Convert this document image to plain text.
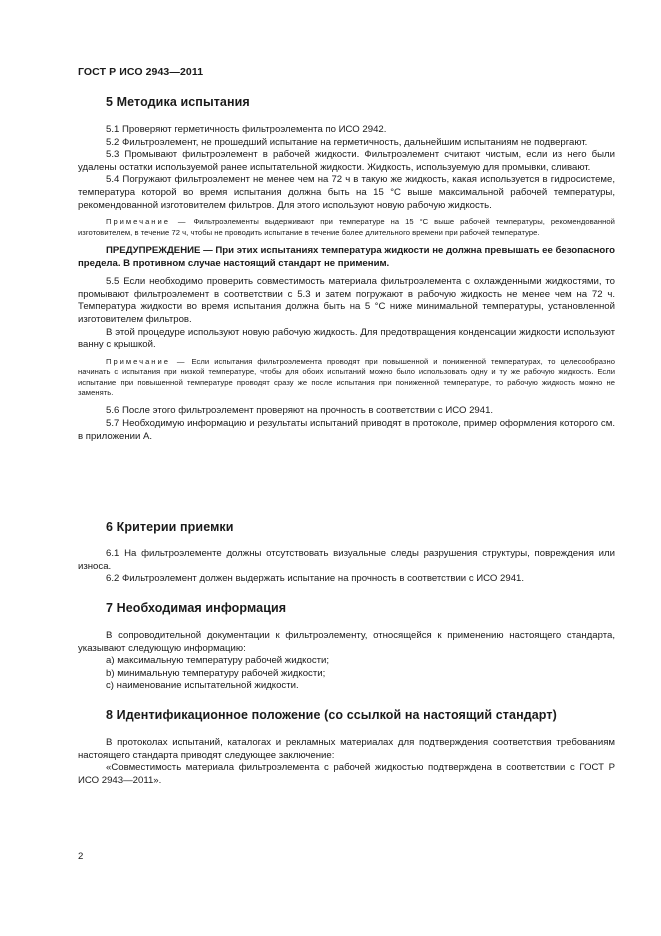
ГОСТ Р ИСО 2943—2011
5 Методика испытания

5.1 Проверяют герметичность фильтроэлемента по ИСО 2942.

5.2 Фильтроэлемент, не прошедший испытание на герметичность, дальнейшим испытаниям не подвергают.

5.3 Промывают фильтроэлемент в рабочей жидкости. Фильтроэлемент считают чистым, если из него были удалены остатки используемой ранее испытательной жидкости. Жидкость, используемую для промывки, сливают.

5.4 Погружают фильтроэлемент не менее чем на 72 ч в такую же жидкость, какая используется в гидросистеме, температура которой во время испытания должна быть на 15 °С выше максимальной рабочей температуры, рекомендованной изготовителем фильтров. Для этого используют новую рабочую жидкость.

Примечание — Фильтроэлементы выдерживают при температуре на 15 °С выше рабочей температуры, рекомендованной изготовителем, в течение 72 ч, чтобы не проводить испытание в течение более длительного времени при рабочей температуре.

ПРЕДУПРЕЖДЕНИЕ — При этих испытаниях температура жидкости не должна превышать ее безопасного предела. В противном случае настоящий стандарт не применим.

5.5 Если необходимо проверить совместимость материала фильтроэлемента с охлажденными жидкостями, то промывают фильтроэлемент в соответствии с 5.3 и затем погружают в рабочую жидкость не менее чем на 72 ч. Температура жидкости во время испытания должна быть на 5 °С ниже минимальной температуры, установленной изготовителем фильтров.

В этой процедуре используют новую рабочую жидкость. Для предотвращения конденсации жидкости используют ванну с крышкой.

Примечание — Если испытания фильтроэлемента проводят при повышенной и пониженной температурах, то целесообразно начинать с испытания при низкой температуре, чтобы для обоих испытаний можно было использовать одну и ту же рабочую жидкость. Если испытание при повышенной температуре проводят сразу же после испытания при пониженной температуре, то рабочую жидкость можно не заменять.

5.6 После этого фильтроэлемент проверяют на прочность в соответствии с ИСО 2941.

5.7 Необходимую информацию и результаты испытаний приводят в протоколе, пример оформления которого см. в приложении А.

6 Критерии приемки

6.1 На фильтроэлементе должны отсутствовать визуальные следы разрушения структуры, повреждения или износа.

6.2 Фильтроэлемент должен выдержать испытание на прочность в соответствии с ИСО 2941.

7 Необходимая информация

В сопроводительной документации к фильтроэлементу, относящейся к применению настоящего стандарта, указывают следующую информацию:

а) максимальную температуру рабочей жидкости;

b) минимальную температуру рабочей жидкости;

с) наименование испытательной жидкости.

8 Идентификационное положение (со ссылкой на настоящий стандарт)

В протоколах испытаний, каталогах и рекламных материалах для подтверждения соответствия требованиям настоящего стандарта приводят следующее заключение:

«Совместимость материала фильтроэлемента с рабочей жидкостью подтверждена в соответствии с ГОСТ Р ИСО 2943—2011».

2
